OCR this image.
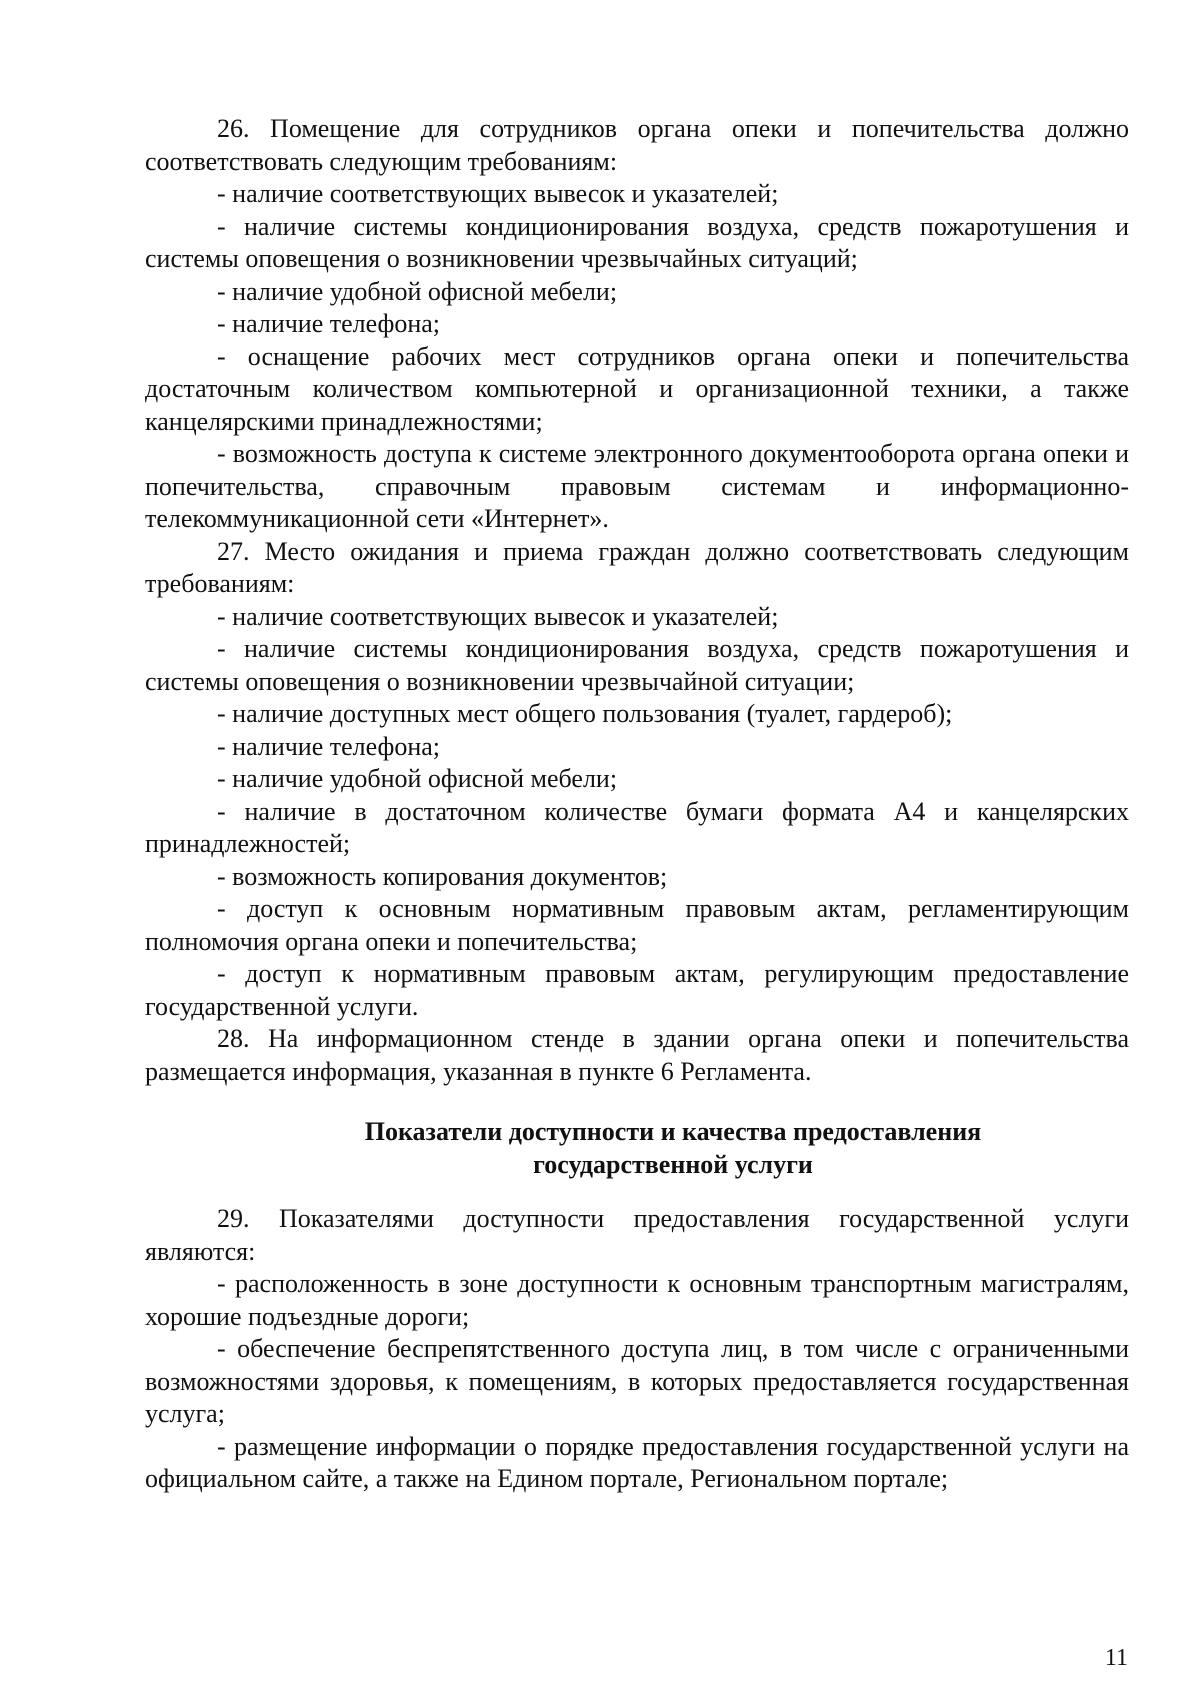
26. Помещение для сотрудников органа опеки и попечительства должно соответствовать следующим требованиям:

- наличие соответствующих вывесок и указателей;

- наличие системы кондиционирования воздуха, средств пожаротушения и системы оповещения о возникновении чрезвычайных ситуаций;

- наличие удобной офисной мебели;

- наличие телефона;

- оснащение рабочих мест сотрудников органа опеки и попечительства достаточным количеством компьютерной и организационной техники, а также канцелярскими принадлежностями;

- возможность доступа к системе электронного документооборота органа опеки и попечительства, справочным правовым системам и информационно-телекоммуникационной сети «Интернет».

27. Место ожидания и приема граждан должно соответствовать следующим требованиям:

- наличие соответствующих вывесок и указателей;

- наличие системы кондиционирования воздуха, средств пожаротушения и системы оповещения о возникновении чрезвычайной ситуации;

- наличие доступных мест общего пользования (туалет, гардероб);

- наличие телефона;

- наличие удобной офисной мебели;

- наличие в достаточном количестве бумаги формата А4 и канцелярских принадлежностей;

- возможность копирования документов;

- доступ к основным нормативным правовым актам, регламентирующим полномочия органа опеки и попечительства;

- доступ к нормативным правовым актам, регулирующим предоставление государственной услуги.

28. На информационном стенде в здании органа опеки и попечительства размещается информация, указанная в пункте 6 Регламента.

Показатели доступности и качества предоставления

государственной услуги

29. Показателями доступности предоставления государственной услуги являются:

- расположенность в зоне доступности к основным транспортным магистралям, хорошие подъездные дороги;

- обеспечение беспрепятственного доступа лиц, в том числе с ограниченными возможностями здоровья, к помещениям, в которых предоставляется государственная услуга;

- размещение информации о порядке предоставления государственной услуги на официальном сайте, а также на Едином портале, Региональном портале;

11
